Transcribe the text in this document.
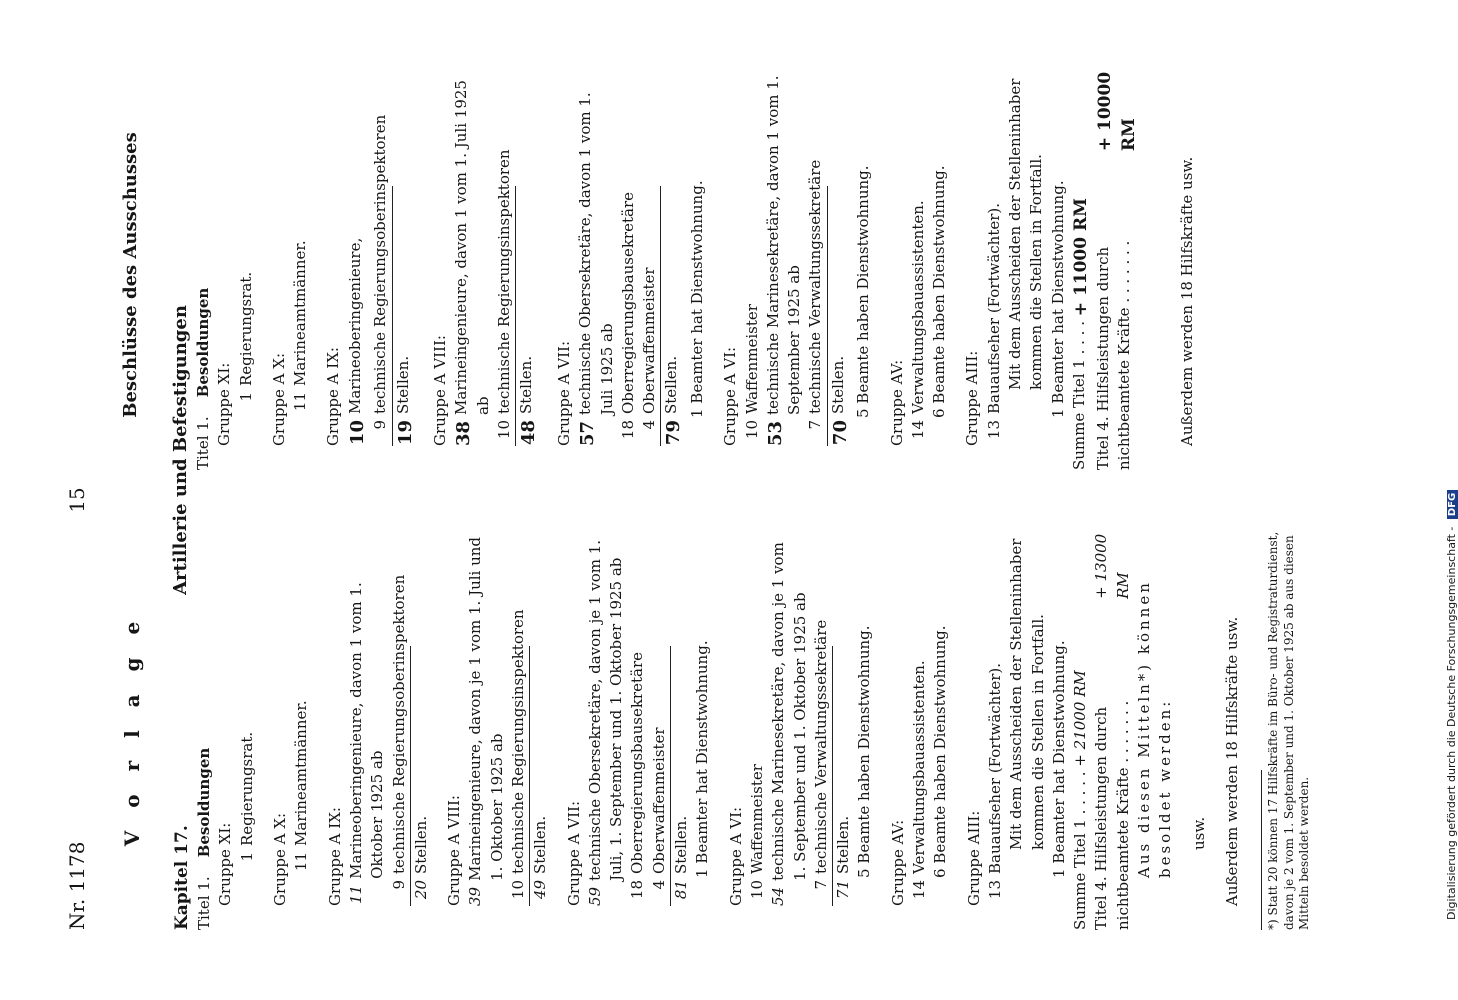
Nr. 1178
15
V o r l a g e
Beschlüsse des Ausschusses
Kapitel 17. Titel 1.

Besoldungen
Gruppe XI: 1Regierungsrat.
Gruppe A X: 11Marineamtmänner.
Gruppe A IX: 11
Marineoberingenieure, davon 1 vom 1. Oktober 1925 ab
9
technische Regierungsoberinspektoren
20
Stellen. Gruppe A VIII: 39
Marineingenieure, davon je 1 vom 1. Juli und 1. Oktober 1925 ab
10
technische Regierungsinspektoren
49
Stellen. Gruppe A VII: 59
technische Obersekretäre, davon je 1 vom 1. Juli, 1. September und 1. Oktober 1925 ab
18
Oberregierungsbausekretäre
4
Oberwaffenmeister
81
Stellen. 1 Beamter hat Dienstwohnung. Gruppe A VI: 10
Waffenmeister
54
technische Marinesekretäre, davon je 1 vom 1. September und 1. Oktober 1925 ab
7
technische Verwaltungssekretäre
71
Stellen. 5 Beamte haben Dienstwohnung. Gruppe AV: 14
Verwaltungsbauassistenten. 6 Beamte haben Dienstwohnung. Gruppe AIII: 13
Bauaufseher (Fortwächter). Mit dem Ausscheiden der Stelleninhaber kommen die Stellen in Fortfall. 1 Beamter hat Dienstwohnung. Summe Titel 1 . . . . .

+ 21000 RM Titel 4. Hilfsleistungen durch nichtbeamtete Kräfte . . . . . . .

+ 13000 RM Aus diesen Mitteln*) können besoldet werden: usw. Außerdem werden 18 Hilfskräfte usw. *) Statt 20 können 17 Hilfskräfte im Büro- und Registraturdienst, davon je 2 vom 1. September und 1. Oktober 1925 ab aus diesen Mitteln besoldet werden.
Artillerie und Befestigungen Titel 1.

Besoldungen
Gruppe XI: 1Regierungsrat.
Gruppe A X: 11Marineamtmänner.
Gruppe A IX: 10
Marineoberingenieure,
9
technische Regierungsoberinspektoren
19
Stellen.	Gruppe A VIII: 38
Marineingenieure, davon 1 vom 1. Juli 1925 ab
10
technische Regierungsinspektoren
48
Stellen.	Gruppe A VII: 57
technische Obersekretäre, davon 1 vom 1. Juli 1925 ab
18
Oberregierungsbausekretäre
4
Oberwaffenmeister
79
Stellen. 1 Beamter hat Dienstwohnung. Gruppe A VI: 10
Waffenmeister
53
technische Marinesekretäre, davon 1 vom 1. September 1925 ab
7
technische Verwaltungssekretäre
70
Stellen. 5 Beamte haben Dienstwohnung. Gruppe AV: 14
Verwaltungsbauassistenten. 6 Beamte haben Dienstwohnung. Gruppe AIII: 13
Bauaufseher (Fortwächter). Mit dem Ausscheiden der Stelleninhaber kommen die Stellen in Fortfall. 1 Beamter hat Dienstwohnung. Summe Titel 1 . . . .

+ 11000 RM Titel 4. Hilfsleistungen durch nichtbeamtete Kräfte . . . . . . .

+ 10000 RM
Außerdem werden 18 Hilfskräfte usw.
Digitalisierung gefördert durch die Deutsche Forschungsgemeinschaft - DFG
